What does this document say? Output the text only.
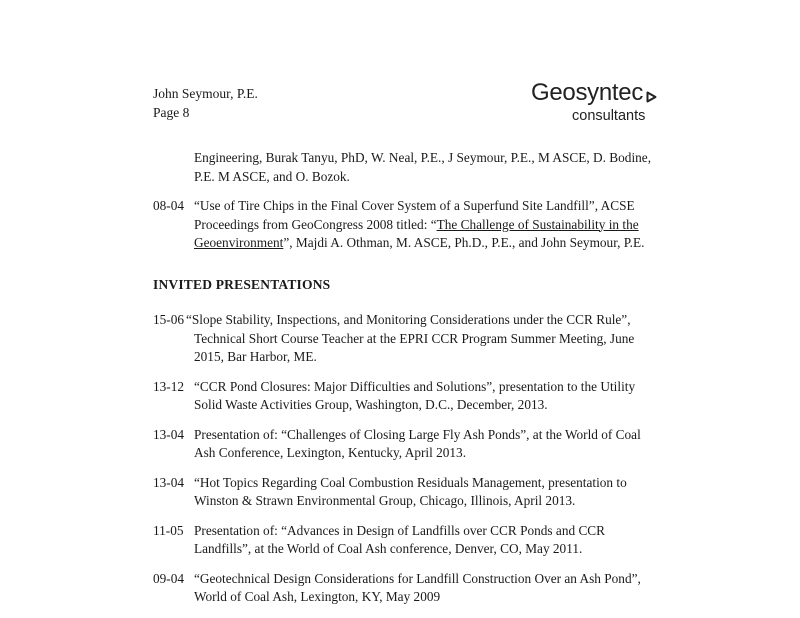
John Seymour, P.E.
Page 8
Geosyntec
consultants
Engineering, Burak Tanyu, PhD, W. Neal, P.E., J Seymour, P.E., M ASCE, D. Bodine, P.E. M ASCE, and O. Bozok.
08-04 “Use of Tire Chips in the Final Cover System of a Superfund Site Landfill”, ACSE Proceedings from GeoCongress 2008 titled: “The Challenge of Sustainability in the Geoenvironment”, Majdi A. Othman, M. ASCE, Ph.D., P.E., and John Seymour, P.E.
INVITED PRESENTATIONS
15-06 “Slope Stability, Inspections, and Monitoring Considerations under the CCR Rule”, Technical Short Course Teacher at the EPRI CCR Program Summer Meeting, June 2015, Bar Harbor, ME.
13-12 “CCR Pond Closures: Major Difficulties and Solutions”, presentation to the Utility Solid Waste Activities Group, Washington, D.C., December, 2013.
13-04 Presentation of: “Challenges of Closing Large Fly Ash Ponds”, at the World of Coal Ash Conference, Lexington, Kentucky, April 2013.
13-04 “Hot Topics Regarding Coal Combustion Residuals Management, presentation to Winston & Strawn Environmental Group, Chicago, Illinois, April 2013.
11-05 Presentation of: “Advances in Design of Landfills over CCR Ponds and CCR Landfills”, at the World of Coal Ash conference, Denver, CO, May 2011.
09-04 “Geotechnical Design Considerations for Landfill Construction Over an Ash Pond”, World of Coal Ash, Lexington, KY, May 2009
